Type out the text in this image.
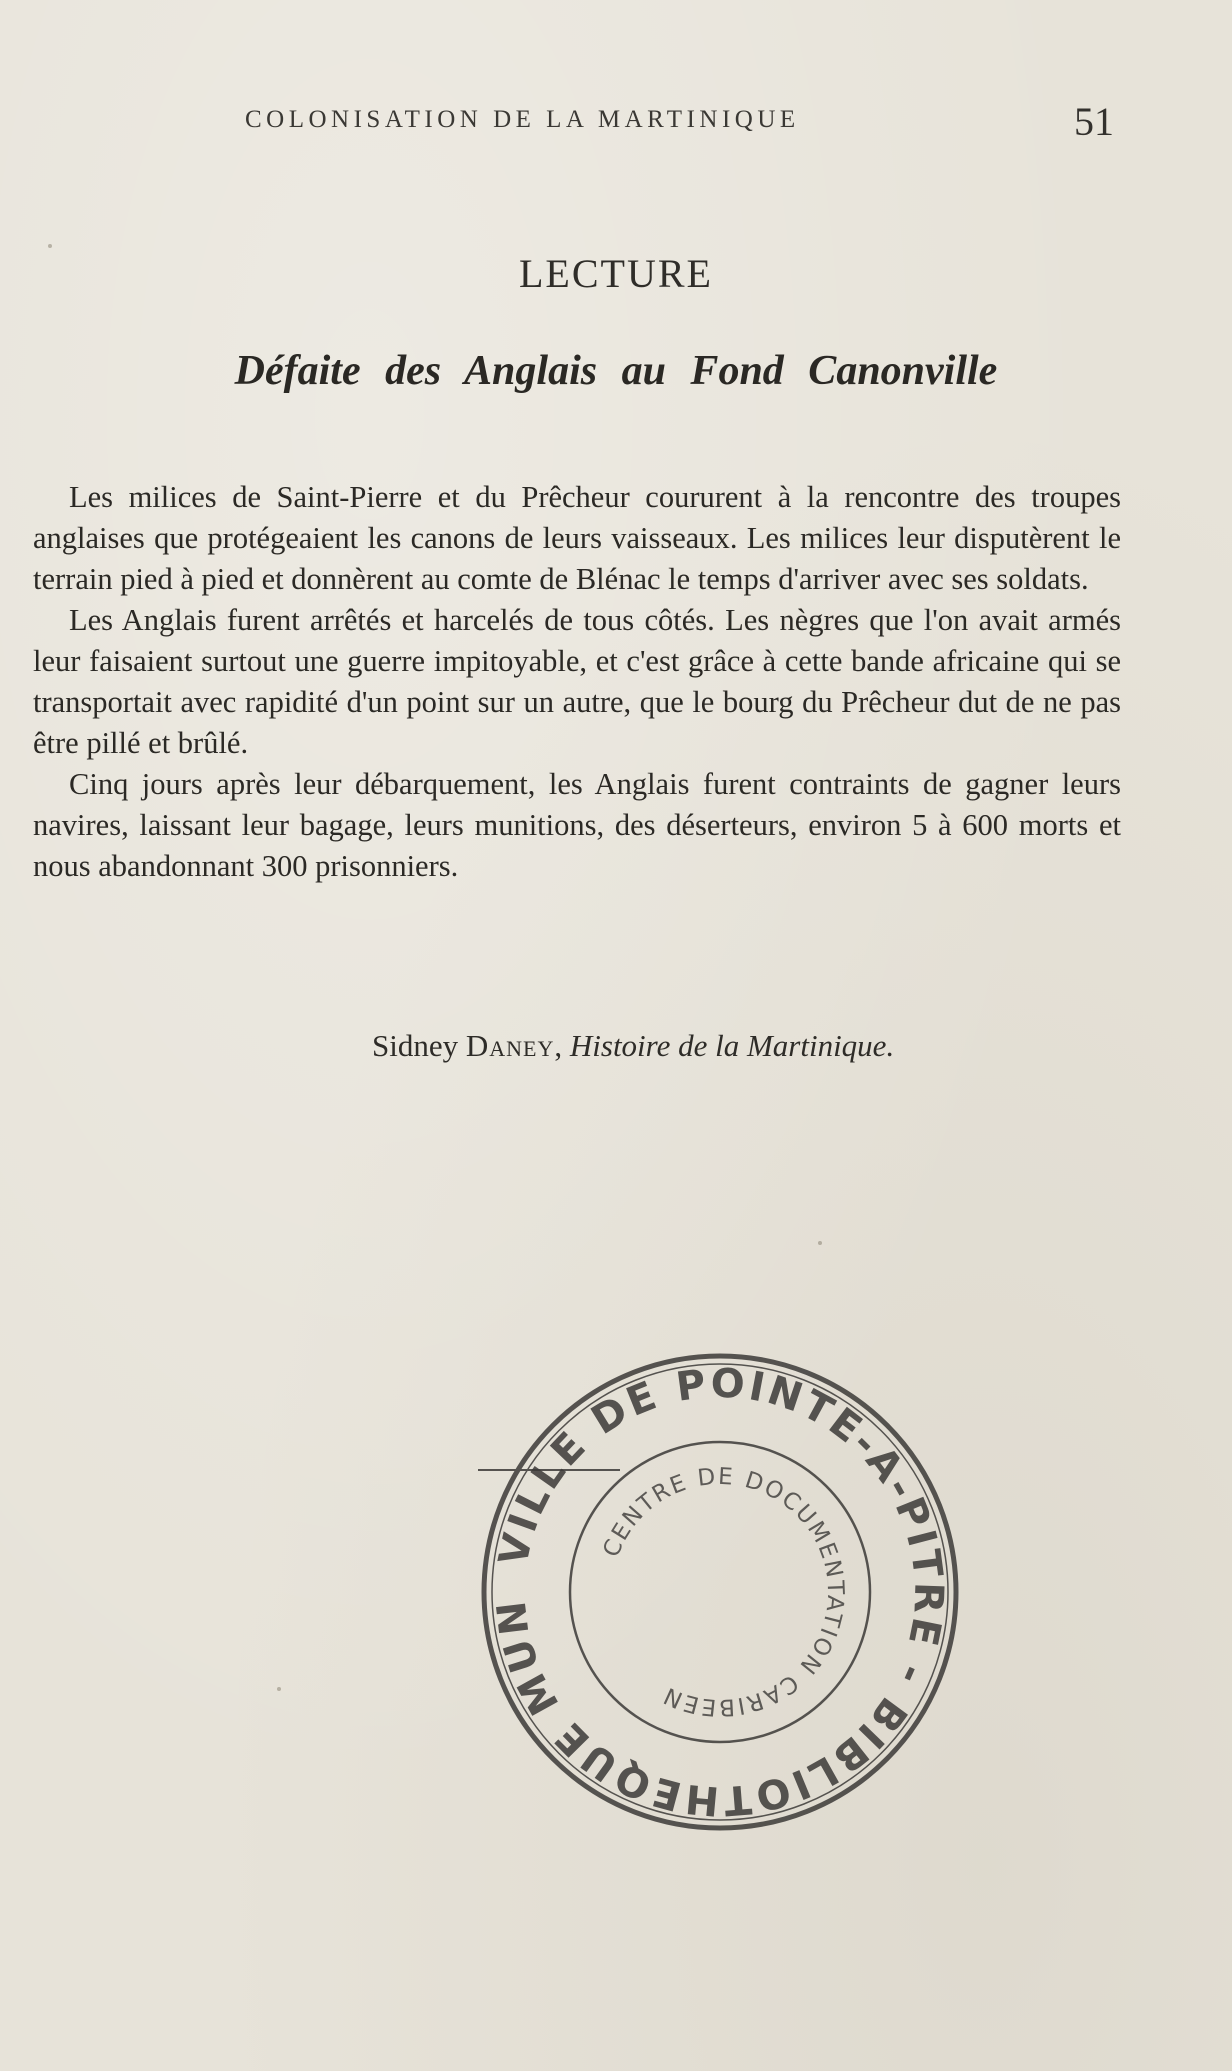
COLONISATION DE LA MARTINIQUE	51
LECTURE
Défaite des Anglais au Fond Canonville

Les milices de Saint-Pierre et du Prêcheur coururent à la rencontre des troupes anglaises que protégeaient les canons de leurs vaisseaux. Les milices leur disputèrent le terrain pied à pied et donnèrent au comte de Blénac le temps d'arriver avec ses soldats.

Les Anglais furent arrêtés et harcelés de tous côtés. Les nègres que l'on avait armés leur faisaient surtout une guerre impitoyable, et c'est grâce à cette bande africaine qui se transportait avec rapidité d'un point sur un autre, que le bourg du Prêcheur dut de ne pas être pillé et brûlé.

Cinq jours après leur débarquement, les Anglais furent contraints de gagner leurs navires, laissant leur bagage, leurs munitions, des déserteurs, environ 5 à 600 morts et nous abandonnant 300 prisonniers.

Sidney Daney, Histoire de la Martinique.
VILLE DE POINTE-A-PITRE - BIBLIOTHEQUE MUN
CENTRE DE DOCUMENTATION CARIBEEN
